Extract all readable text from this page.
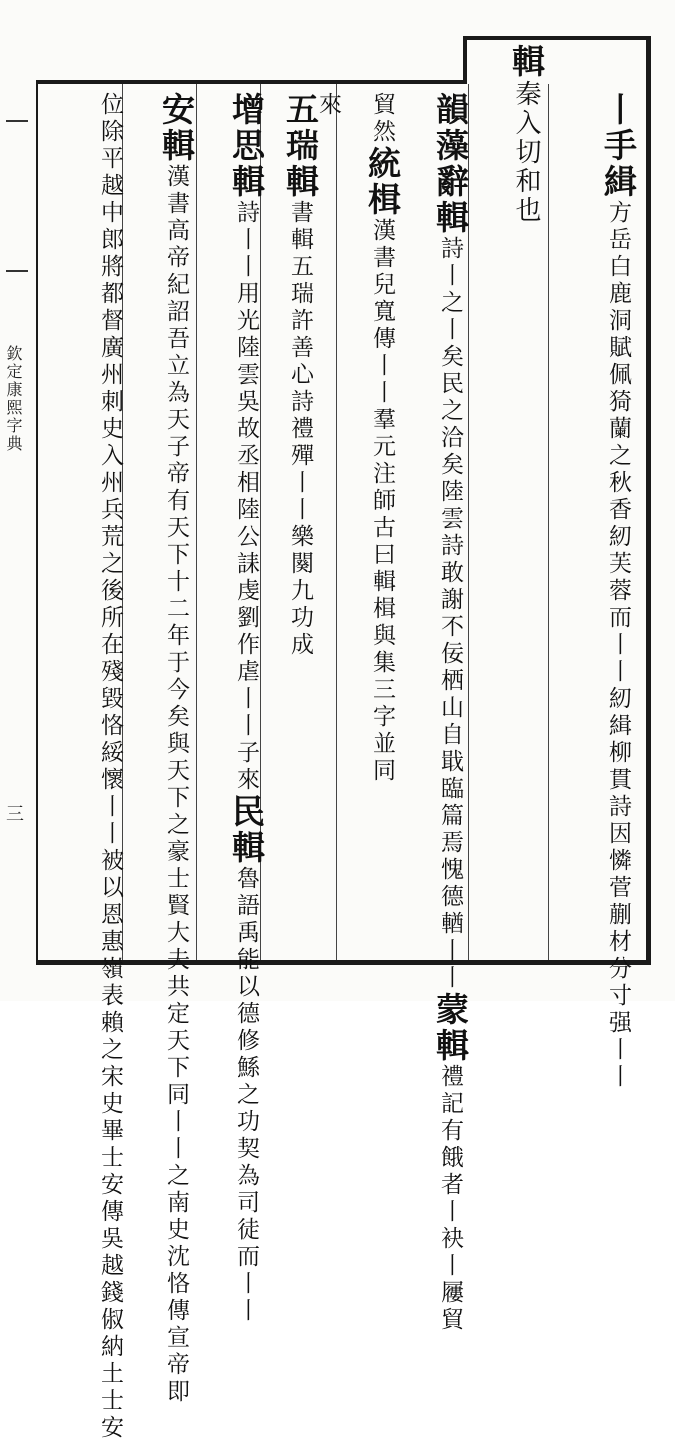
欽定康熙字典
三
丨手緝方岳白鹿洞賦佩猗蘭之秋香紉芙蓉而丨丨紉緝柳貫詩因憐菅蒯材分寸强丨丨
輯秦入切和也
韻藻辭輯詩丨之丨矣民之洽矣陸雲詩敢謝不佞栖山自戢臨篇焉愧德輶丨丨蒙輯禮記有餓者丨袂丨屨貿
貿然統楫漢書兒寬傳丨丨羣元注師古曰輯楫與集三字並同
來
五瑞輯書輯五瑞許善心詩禮殫丨丨樂闋九功成
增思輯詩丨丨用光陸雲吳故丞相陸公誄虔劉作虐丨丨子來民輯魯語禹能以德修鯀之功契為司徒而丨丨
安輯漢書高帝紀詔吾立為天子帝有天下十二年于今矣與天下之豪士賢大夫共定天下同丨丨之南史沈恪傳宣帝即
位除平越中郎將都督廣州刺史入州兵荒之後所在殘毀恪綏懷丨丨被以恩惠嶺表賴之宋史畢士安傳吳越錢俶納土士安
